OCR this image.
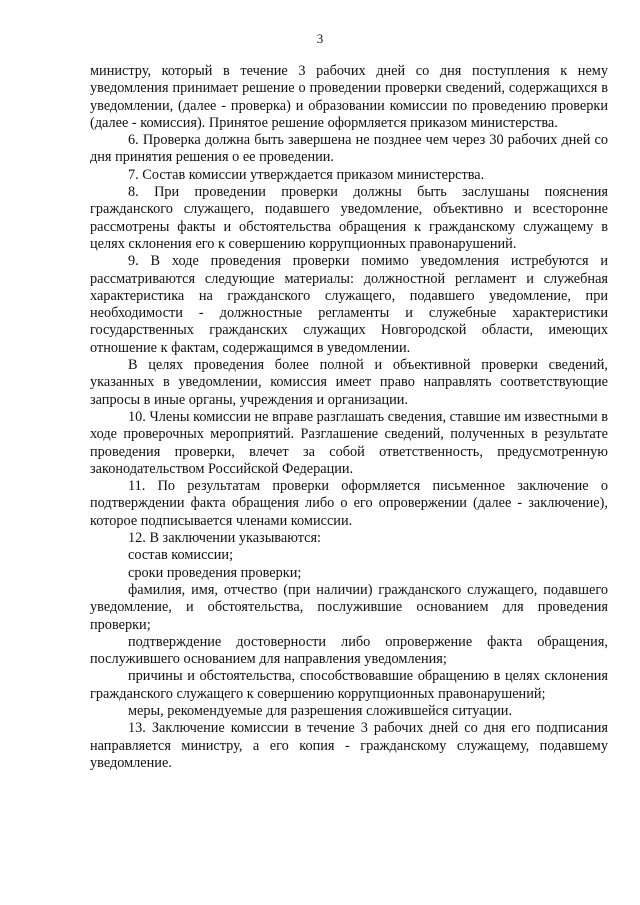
3

министру, который в течение 3 рабочих дней со дня поступления к нему уведомления принимает решение о проведении проверки сведений, содержащихся в уведомлении, (далее - проверка) и образовании комиссии по проведению проверки (далее - комиссия). Принятое решение оформляется приказом министерства.

6. Проверка должна быть завершена не позднее чем через 30 рабочих дней со дня принятия решения о ее проведении.

7. Состав комиссии утверждается приказом министерства.

8. При проведении проверки должны быть заслушаны пояснения гражданского служащего, подавшего уведомление, объективно и всесторонне рассмотрены факты и обстоятельства обращения к гражданскому служащему в целях склонения его к совершению коррупционных правонарушений.

9. В ходе проведения проверки помимо уведомления истребуются и рассматриваются следующие материалы: должностной регламент и служебная характеристика на гражданского служащего, подавшего уведомление, при необходимости - должностные регламенты и служебные характеристики государственных гражданских служащих Новгородской области, имеющих отношение к фактам, содержащимся в уведомлении.

В целях проведения более полной и объективной проверки сведений, указанных в уведомлении, комиссия имеет право направлять соответствующие запросы в иные органы, учреждения и организации.

10. Члены комиссии не вправе разглашать сведения, ставшие им известными в ходе проверочных мероприятий. Разглашение сведений, полученных в результате проведения проверки, влечет за собой ответственность, предусмотренную законодательством Российской Федерации.

11. По результатам проверки оформляется письменное заключение о подтверждении факта обращения либо о его опровержении (далее - заключение), которое подписывается членами комиссии.

12. В заключении указываются:

состав комиссии;

сроки проведения проверки;

фамилия, имя, отчество (при наличии) гражданского служащего, подавшего уведомление, и обстоятельства, послужившие основанием для проведения проверки;

подтверждение достоверности либо опровержение факта обращения, послужившего основанием для направления уведомления;

причины и обстоятельства, способствовавшие обращению в целях склонения гражданского служащего к совершению коррупционных правонарушений;

меры, рекомендуемые для разрешения сложившейся ситуации.

13. Заключение комиссии в течение 3 рабочих дней со дня его подписания направляется министру, а его копия - гражданскому служащему, подавшему уведомление.
